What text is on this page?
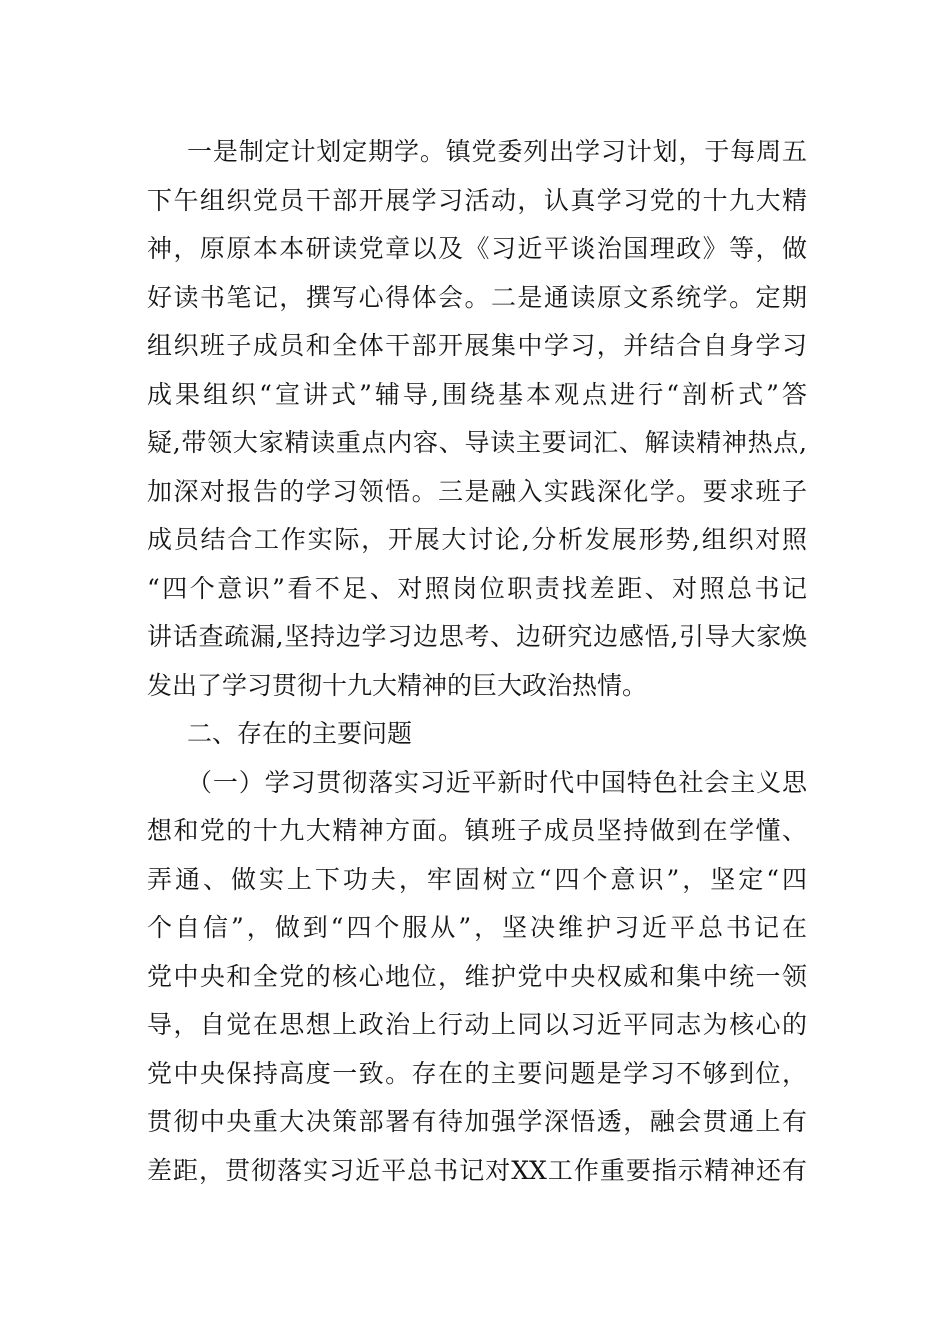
一是制定计划定期学。镇党委列出学习计划，于每周五
下午组织党员干部开展学习活动，认真学习党的十九大精
神，原原本本研读党章以及《习近平谈治国理政》等，做
好读书笔记，撰写心得体会。二是通读原文系统学。定期
组织班子成员和全体干部开展集中学习，并结合自身学习
成果组织“宣讲式”辅导,围绕基本观点进行“剖析式”答
疑,带领大家精读重点内容、导读主要词汇、解读精神热点,
加深对报告的学习领悟。三是融入实践深化学。要求班子
成员结合工作实际，开展大讨论,分析发展形势,组织对照
“四个意识”看不足、对照岗位职责找差距、对照总书记
讲话查疏漏,坚持边学习边思考、边研究边感悟,引导大家焕
发出了学习贯彻十九大精神的巨大政治热情。
二、存在的主要问题
（一）学习贯彻落实习近平新时代中国特色社会主义思
想和党的十九大精神方面。镇班子成员坚持做到在学懂、
弄通、做实上下功夫，牢固树立“四个意识”，坚定“四
个自信”，做到“四个服从”，坚决维护习近平总书记在
党中央和全党的核心地位，维护党中央权威和集中统一领
导，自觉在思想上政治上行动上同以习近平同志为核心的
党中央保持高度一致。存在的主要问题是学习不够到位，
贯彻中央重大决策部署有待加强学深悟透，融会贯通上有
差距，贯彻落实习近平总书记对XX工作重要指示精神还有
